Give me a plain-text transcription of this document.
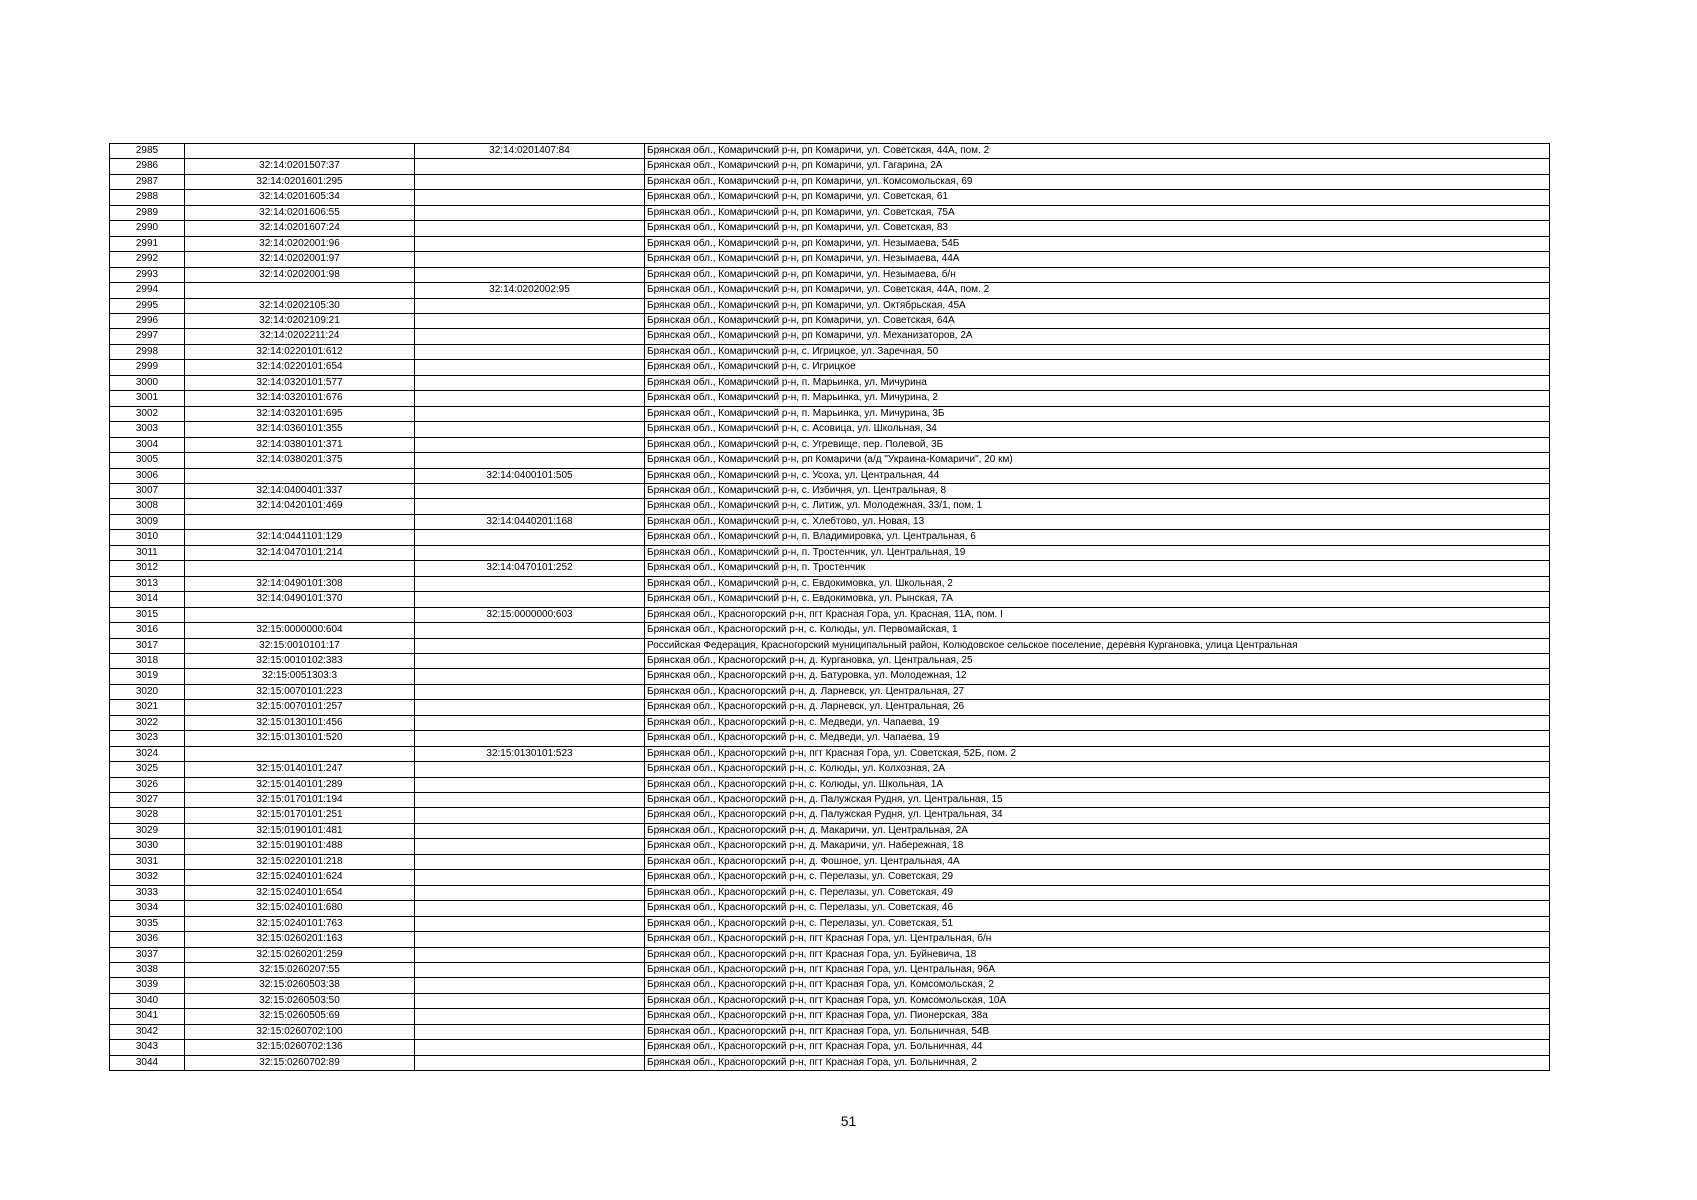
2985		32:14:0201407:84	Брянская обл., Комаричский р-н, рп Комаричи, ул. Советская, 44А, пом. 2
2986	32:14:0201507:37		Брянская обл., Комаричский р-н, рп Комаричи, ул. Гагарина, 2А
2987	32:14:0201601:295		Брянская обл., Комаричский р-н, рп Комаричи, ул. Комсомольская, 69
2988	32:14:0201605:34		Брянская обл., Комаричский р-н, рп Комаричи, ул. Советская, 61
2989	32:14:0201606:55		Брянская обл., Комаричский р-н, рп Комаричи, ул. Советская, 75А
2990	32:14:0201607:24		Брянская обл., Комаричский р-н, рп Комаричи, ул. Советская, 83
2991	32:14:0202001:96		Брянская обл., Комаричский р-н, рп Комаричи, ул. Незымаева, 54Б
2992	32:14:0202001:97		Брянская обл., Комаричский р-н, рп Комаричи, ул. Незымаева, 44А
2993	32:14:0202001:98		Брянская обл., Комаричский р-н, рп Комаричи, ул. Незымаева, б/н
2994		32:14:0202002:95	Брянская обл., Комаричский р-н, рп Комаричи, ул. Советская, 44А, пом. 2
2995	32:14:0202105:30		Брянская обл., Комаричский р-н, рп Комаричи, ул. Октябрьская, 45А
2996	32:14:0202109:21		Брянская обл., Комаричский р-н, рп Комаричи, ул. Советская, 64А
2997	32:14:0202211:24		Брянская обл., Комаричский р-н, рп Комаричи, ул. Механизаторов, 2А
2998	32:14:0220101:612		Брянская обл., Комаричский р-н, с. Игрицкое, ул. Заречная, 50
2999	32:14:0220101:654		Брянская обл., Комаричский р-н, с. Игрицкое
3000	32:14:0320101:577		Брянская обл., Комаричский р-н, п. Марьинка, ул. Мичурина
3001	32:14:0320101:676		Брянская обл., Комаричский р-н, п. Марьинка, ул. Мичурина, 2
3002	32:14:0320101:695		Брянская обл., Комаричский р-н, п. Марьинка, ул. Мичурина, 3Б
3003	32:14:0360101:355		Брянская обл., Комаричский р-н, с. Асовица, ул. Школьная, 34
3004	32:14:0380101:371		Брянская обл., Комаричский р-н, с. Угревище, пер. Полевой, 3Б
3005	32:14:0380201:375		Брянская обл., Комаричский р-н, рп Комаричи (а/д "Украина-Комаричи", 20 км)
3006		32:14:0400101:505	Брянская обл., Комаричский р-н, с. Усоха, ул. Центральная, 44
3007	32:14:0400401:337		Брянская обл., Комаричский р-н, с. Избичня, ул. Центральная, 8
3008	32:14:0420101:469		Брянская обл., Комаричский р-н, с. Литиж, ул. Молодежная, 33/1, пом. 1
3009		32:14:0440201:168	Брянская обл., Комаричский р-н, с. Хлебтово, ул. Новая, 13
3010	32:14:0441101:129		Брянская обл., Комаричский р-н, п. Владимировка, ул. Центральная, 6
3011	32:14:0470101:214		Брянская обл., Комаричский р-н, п. Тростенчик, ул. Центральная, 19
3012		32:14:0470101:252	Брянская обл., Комаричский р-н, п. Тростенчик
3013	32:14:0490101:308		Брянская обл., Комаричский р-н, с. Евдокимовка, ул. Школьная, 2
3014	32:14:0490101:370		Брянская обл., Комаричский р-н, с. Евдокимовка, ул. Рынская, 7А
3015		32:15:0000000:603	Брянская обл., Красногорский р-н, пгт Красная Гора, ул. Красная, 11А, пом. I
3016	32:15:0000000:604		Брянская обл., Красногорский р-н, с. Колюды, ул. Первомайская, 1
3017	32:15:0010101:17		Российская Федерация, Красногорский муниципальный район, Колюдовское сельское поселение, деревня Кургановка, улица Центральная
3018	32:15:0010102:383		Брянская обл., Красногорский р-н, д. Кургановка, ул. Центральная, 25
3019	32:15:0051303:3		Брянская обл., Красногорский р-н, д. Батуровка, ул. Молодежная, 12
3020	32:15:0070101:223		Брянская обл., Красногорский р-н, д. Ларневск, ул. Центральная, 27
3021	32:15:0070101:257		Брянская обл., Красногорский р-н, д. Ларневск, ул. Центральная, 26
3022	32:15:0130101:456		Брянская обл., Красногорский р-н, с. Медведи, ул. Чапаева, 19
3023	32:15:0130101:520		Брянская обл., Красногорский р-н, с. Медведи, ул. Чапаева, 19
3024		32:15:0130101:523	Брянская обл., Красногорский р-н, пгт Красная Гора, ул. Советская, 52Б, пом. 2
3025	32:15:0140101:247		Брянская обл., Красногорский р-н, с. Колюды, ул. Колхозная, 2А
3026	32:15:0140101:289		Брянская обл., Красногорский р-н, с. Колюды, ул. Школьная, 1А
3027	32:15:0170101:194		Брянская обл., Красногорский р-н, д. Палужская Рудня, ул. Центральная, 15
3028	32:15:0170101:251		Брянская обл., Красногорский р-н, д. Палужская Рудня, ул. Центральная, 34
3029	32:15:0190101:481		Брянская обл., Красногорский р-н, д. Макаричи, ул. Центральная, 2А
3030	32:15:0190101:488		Брянская обл., Красногорский р-н, д. Макаричи, ул. Набережная, 18
3031	32:15:0220101:218		Брянская обл., Красногорский р-н, д. Фошное, ул. Центральная, 4А
3032	32:15:0240101:624		Брянская обл., Красногорский р-н, с. Перелазы, ул. Советская, 29
3033	32:15:0240101:654		Брянская обл., Красногорский р-н, с. Перелазы, ул. Советская, 49
3034	32:15:0240101:680		Брянская обл., Красногорский р-н, с. Перелазы, ул. Советская, 46
3035	32:15:0240101:763		Брянская обл., Красногорский р-н, с. Перелазы, ул. Советская, 51
3036	32:15:0260201:163		Брянская обл., Красногорский р-н, пгт Красная Гора, ул. Центральная, б/н
3037	32:15:0260201:259		Брянская обл., Красногорский р-н, пгт Красная Гора, ул. Буйневича, 18
3038	32:15:0260207:55		Брянская обл., Красногорский р-н, пгт Красная Гора, ул. Центральная, 96А
3039	32:15:0260503:38		Брянская обл., Красногорский р-н, пгт Красная Гора, ул. Комсомольская, 2
3040	32:15:0260503:50		Брянская обл., Красногорский р-н, пгт Красная Гора, ул. Комсомольская, 10А
3041	32:15:0260505:69		Брянская обл., Красногорский р-н, пгт Красная Гора, ул. Пионерская, 38а
3042	32:15:0260702:100		Брянская обл., Красногорский р-н, пгт Красная Гора, ул. Больничная, 54В
3043	32:15:0260702:136		Брянская обл., Красногорский р-н, пгт Красная Гора, ул. Больничная, 44
3044	32:15:0260702:89		Брянская обл., Красногорский р-н, пгт Красная Гора, ул. Больничная, 2
51
